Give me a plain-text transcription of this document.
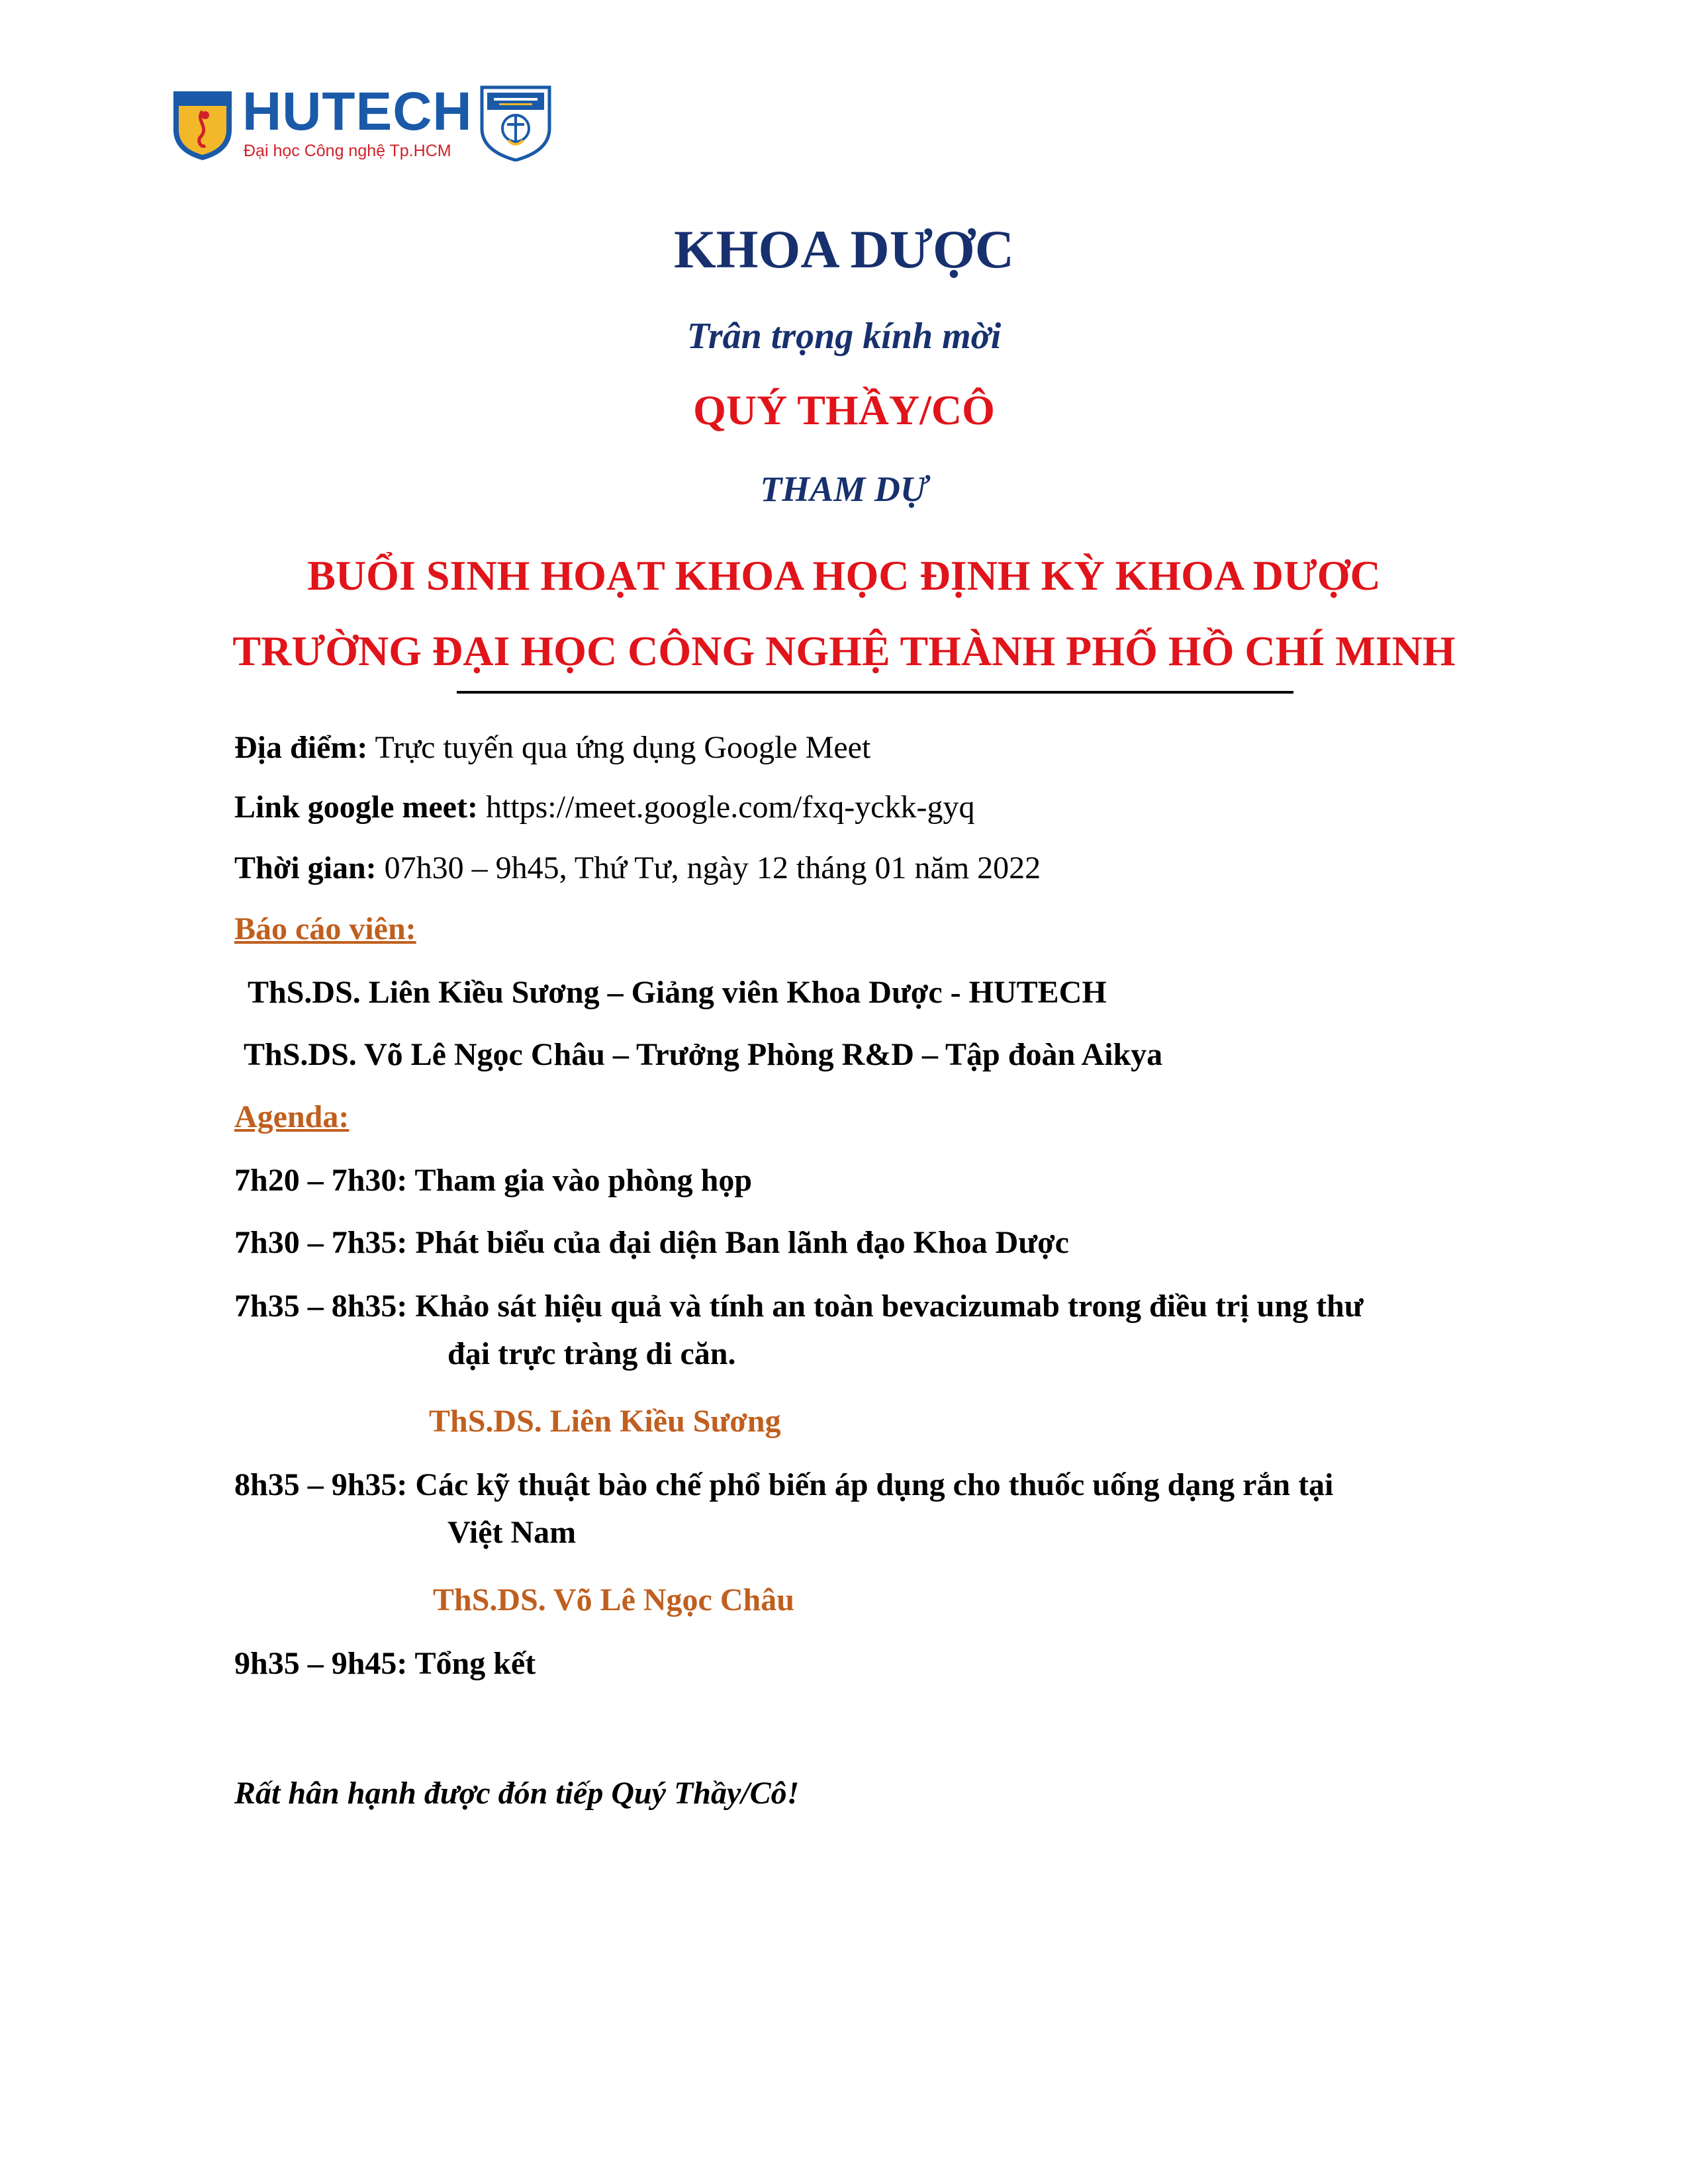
HUTECH
Đại học Công nghệ Tp.HCM
KHOA DƯỢC
Trân trọng kính mời
QUÝ THẦY/CÔ
THAM DỰ
BUỔI SINH HOẠT KHOA HỌC ĐỊNH KỲ KHOA DƯỢC
TRƯỜNG ĐẠI HỌC CÔNG NGHỆ THÀNH PHỐ HỒ CHÍ MINH
Địa điểm: Trực tuyến qua ứng dụng Google Meet
Link google meet: https://meet.google.com/fxq-yckk-gyq
Thời gian: 07h30 – 9h45, Thứ Tư, ngày 12 tháng 01 năm 2022
Báo cáo viên:
ThS.DS. Liên Kiều Sương – Giảng viên Khoa Dược - HUTECH
ThS.DS. Võ Lê Ngọc Châu – Trưởng Phòng R&D – Tập đoàn Aikya
Agenda:
7h20 – 7h30: Tham gia vào phòng họp
7h30 – 7h35: Phát biểu của đại diện Ban lãnh đạo Khoa Dược
7h35 – 8h35: Khảo sát hiệu quả và tính an toàn bevacizumab trong điều trị ung thư
đại trực tràng di căn.
ThS.DS. Liên Kiều Sương
8h35 – 9h35: Các kỹ thuật bào chế phổ biến áp dụng cho thuốc uống dạng rắn tại
Việt Nam
ThS.DS. Võ Lê Ngọc Châu
9h35 – 9h45: Tổng kết
Rất hân hạnh được đón tiếp Quý Thầy/Cô!
